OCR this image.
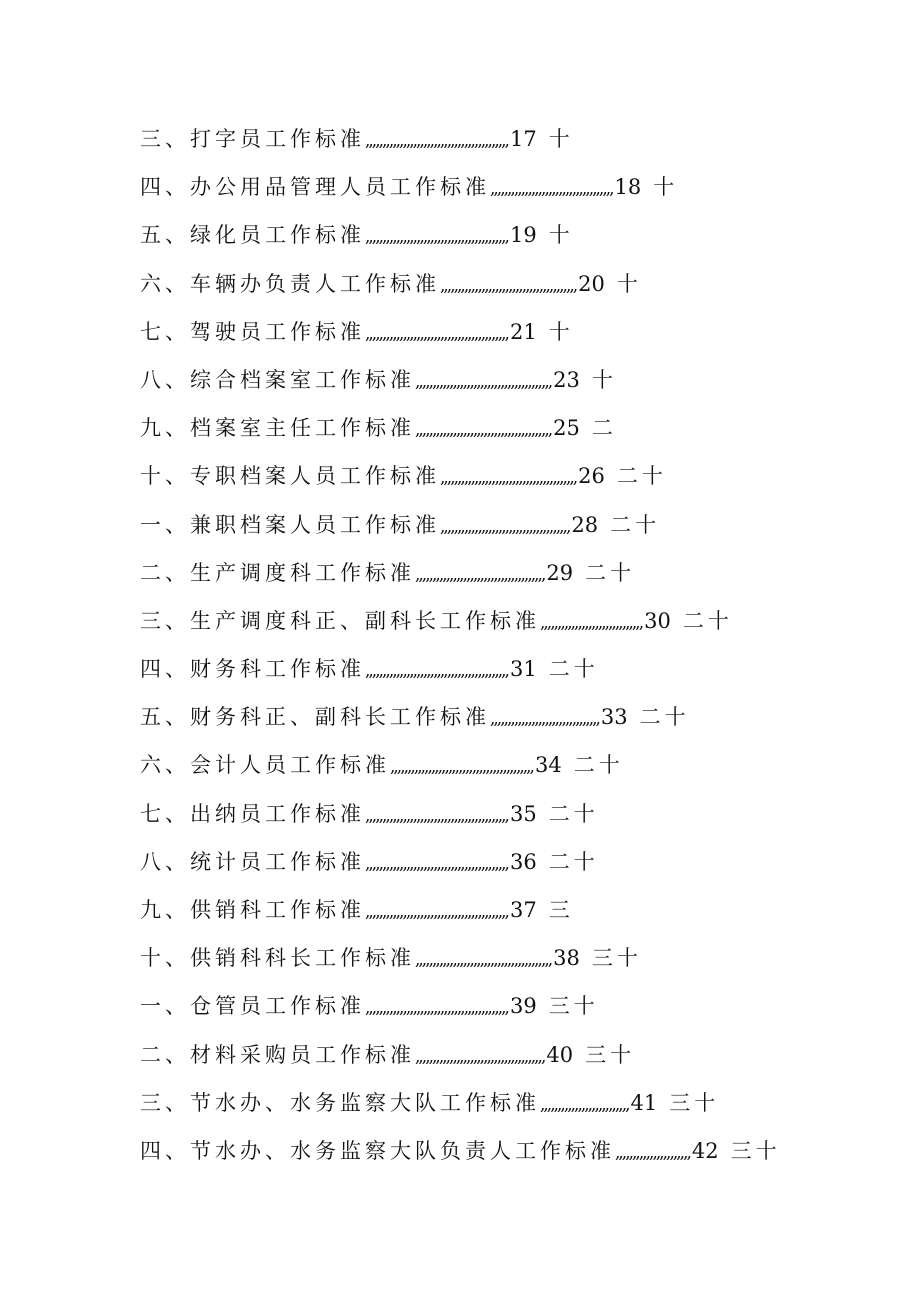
三、打字员工作标准,,,,,,,,,,,,,,,,,,,,,,,,,,,,,,,,,,,,,,,,,,17 十
四、办公用品管理人员工作标准,,,,,,,,,,,,,,,,,,,,,,,,,,,,,,,,,,,,18 十
五、绿化员工作标准,,,,,,,,,,,,,,,,,,,,,,,,,,,,,,,,,,,,,,,,,,19 十
六、车辆办负责人工作标准,,,,,,,,,,,,,,,,,,,,,,,,,,,,,,,,,,,,,,,,20 十
七、驾驶员工作标准,,,,,,,,,,,,,,,,,,,,,,,,,,,,,,,,,,,,,,,,,,21 十
八、综合档案室工作标准,,,,,,,,,,,,,,,,,,,,,,,,,,,,,,,,,,,,,,,,23 十
九、档案室主任工作标准,,,,,,,,,,,,,,,,,,,,,,,,,,,,,,,,,,,,,,,,25 二
十、专职档案人员工作标准,,,,,,,,,,,,,,,,,,,,,,,,,,,,,,,,,,,,,,,,26 二十
一、兼职档案人员工作标准,,,,,,,,,,,,,,,,,,,,,,,,,,,,,,,,,,,,,,28 二十
二、生产调度科工作标准,,,,,,,,,,,,,,,,,,,,,,,,,,,,,,,,,,,,,,29 二十
三、生产调度科正、副科长工作标准,,,,,,,,,,,,,,,,,,,,,,,,,,,,,,30 二十
四、财务科工作标准,,,,,,,,,,,,,,,,,,,,,,,,,,,,,,,,,,,,,,,,,,31 二十
五、财务科正、副科长工作标准,,,,,,,,,,,,,,,,,,,,,,,,,,,,,,,,33 二十
六、会计人员工作标准,,,,,,,,,,,,,,,,,,,,,,,,,,,,,,,,,,,,,,,,,,34 二十
七、出纳员工作标准,,,,,,,,,,,,,,,,,,,,,,,,,,,,,,,,,,,,,,,,,,35 二十
八、统计员工作标准,,,,,,,,,,,,,,,,,,,,,,,,,,,,,,,,,,,,,,,,,,36 二十
九、供销科工作标准,,,,,,,,,,,,,,,,,,,,,,,,,,,,,,,,,,,,,,,,,,37 三
十、供销科科长工作标准,,,,,,,,,,,,,,,,,,,,,,,,,,,,,,,,,,,,,,,,38 三十
一、仓管员工作标准,,,,,,,,,,,,,,,,,,,,,,,,,,,,,,,,,,,,,,,,,,39 三十
二、材料采购员工作标准,,,,,,,,,,,,,,,,,,,,,,,,,,,,,,,,,,,,,,40 三十
三、节水办、水务监察大队工作标准,,,,,,,,,,,,,,,,,,,,,,,,,,41 三十
四、节水办、水务监察大队负责人工作标准,,,,,,,,,,,,,,,,,,,,,,42 三十
